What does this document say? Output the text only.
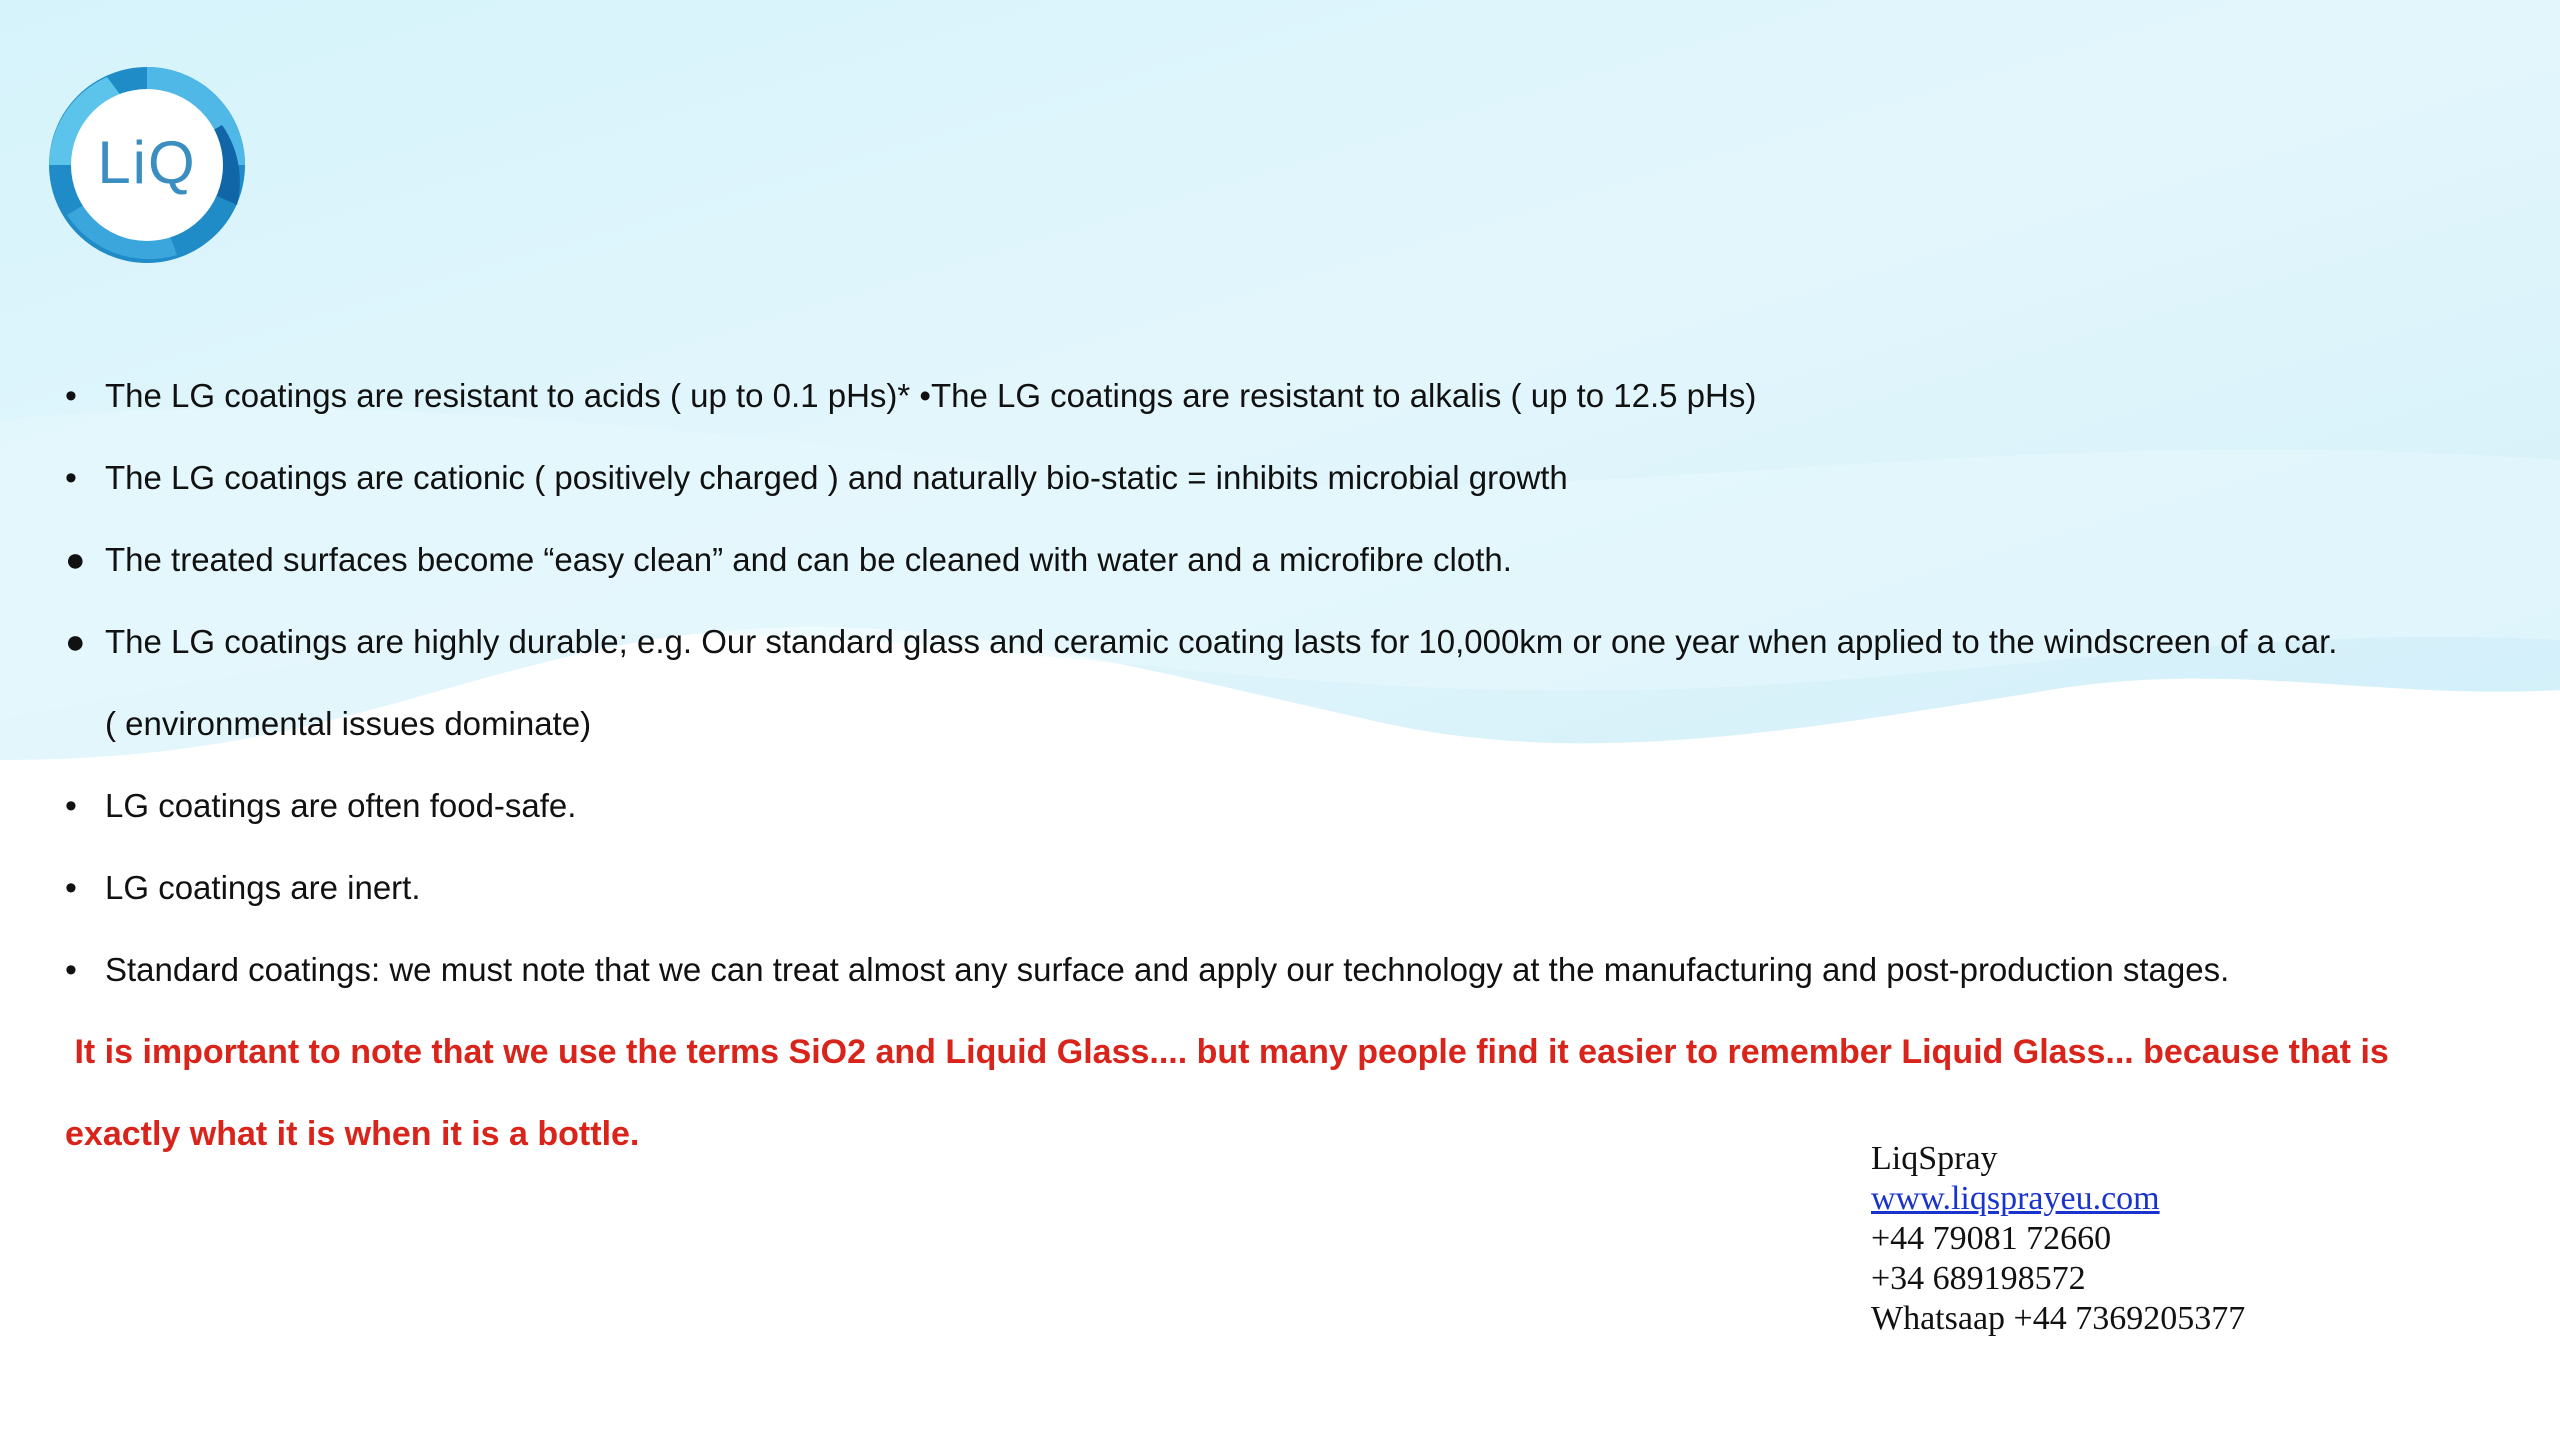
LiQ
• The LG coatings are resistant to acids ( up to 0.1 pHs)* •The LG coatings are resistant to alkalis ( up to 12.5 pHs)
• The LG coatings are cationic ( positively charged ) and naturally bio-static = inhibits microbial growth
● The treated surfaces become “easy clean” and can be cleaned with water and a microfibre cloth.
● The LG coatings are highly durable; e.g. Our standard glass and ceramic coating lasts for 10,000km or one year when applied to the windscreen of a car.
( environmental issues dominate)
• LG coatings are often food-safe.
• LG coatings are inert.
• Standard coatings: we must note that we can treat almost any surface and apply our technology at the manufacturing and post-production stages.
It is important to note that we use the terms SiO2 and Liquid Glass.... but many people find it easier to remember Liquid Glass... because that is
exactly what it is when it is a bottle.
LiqSpray
www.liqsprayeu.com
+44 79081 72660
+34 689198572
Whatsaap +44 7369205377
